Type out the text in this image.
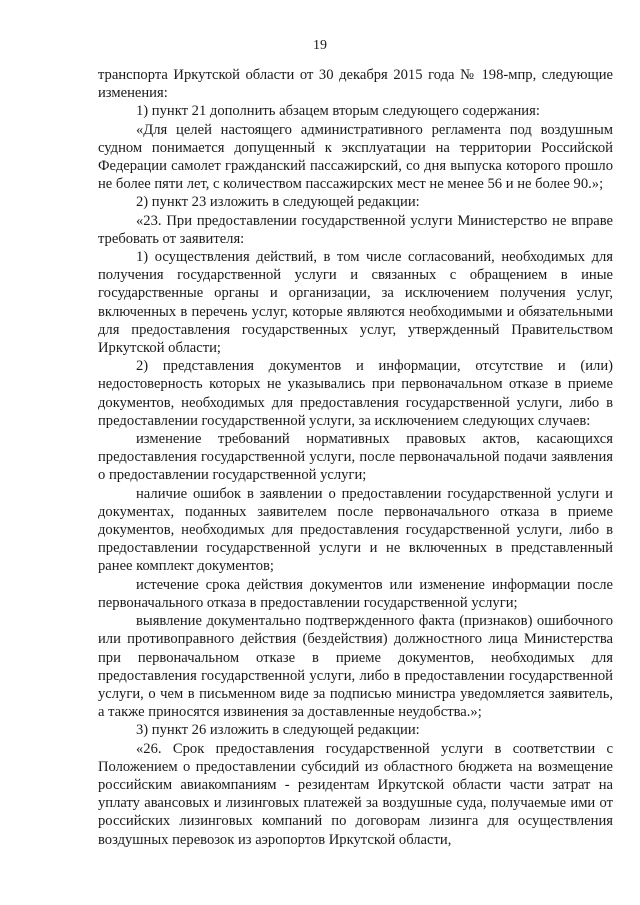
19

транспорта Иркутской области от 30 декабря 2015 года № 198-мпр, следующие изменения:

1) пункт 21 дополнить абзацем вторым следующего содержания:

«Для целей настоящего административного регламента под воздушным судном понимается допущенный к эксплуатации на территории Российской Федерации самолет гражданский пассажирский, со дня выпуска которого прошло не более пяти лет, с количеством пассажирских мест не менее 56 и не более 90.»;

2) пункт 23 изложить в следующей редакции:

«23. При предоставлении государственной услуги Министерство не вправе требовать от заявителя:

1) осуществления действий, в том числе согласований, необходимых для получения государственной услуги и связанных с обращением в иные государственные органы и организации, за исключением получения услуг, включенных в перечень услуг, которые являются необходимыми и обязательными для предоставления государственных услуг, утвержденный Правительством Иркутской области;

2) представления документов и информации, отсутствие и (или) недостоверность которых не указывались при первоначальном отказе в приеме документов, необходимых для предоставления государственной услуги, либо в предоставлении государственной услуги, за исключением следующих случаев:

изменение требований нормативных правовых актов, касающихся предоставления государственной услуги, после первоначальной подачи заявления о предоставлении государственной услуги;

наличие ошибок в заявлении о предоставлении государственной услуги и документах, поданных заявителем после первоначального отказа в приеме документов, необходимых для предоставления государственной услуги, либо в предоставлении государственной услуги и не включенных в представленный ранее комплект документов;

истечение срока действия документов или изменение информации после первоначального отказа в предоставлении государственной услуги;

выявление документально подтвержденного факта (признаков) ошибочного или противоправного действия (бездействия) должностного лица Министерства при первоначальном отказе в приеме документов, необходимых для предоставления государственной услуги, либо в предоставлении государственной услуги, о чем в письменном виде за подписью министра уведомляется заявитель, а также приносятся извинения за доставленные неудобства.»;

3) пункт 26 изложить в следующей редакции:

«26. Срок предоставления государственной услуги в соответствии с Положением о предоставлении субсидий из областного бюджета на возмещение российским авиакомпаниям - резидентам Иркутской области части затрат на уплату авансовых и лизинговых платежей за воздушные суда, получаемые ими от российских лизинговых компаний по договорам лизинга для осуществления воздушных перевозок из аэропортов Иркутской области,
